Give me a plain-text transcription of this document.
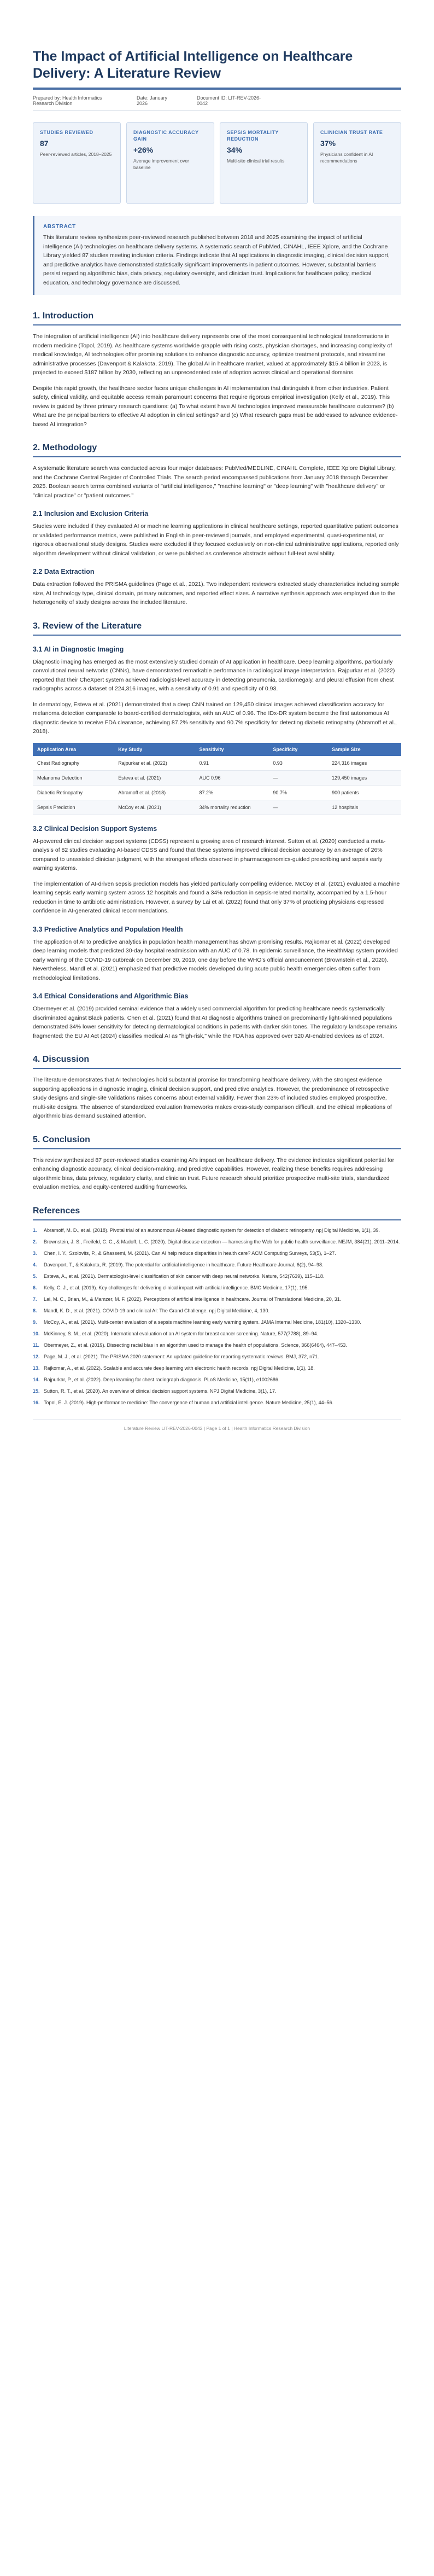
The Impact of Artificial Intelligence on Healthcare Delivery: A Literature Review
Prepared by: Health Informatics Research Division
Date: January 2026
Document ID: LIT-REV-2026-0042
STUDIES REVIEWED
87
Peer-reviewed articles, 2018–2025
DIAGNOSTIC ACCURACY GAIN
+26%
Average improvement over baseline
SEPSIS MORTALITY REDUCTION
34%
Multi-site clinical trial results
CLINICIAN TRUST RATE
37%
Physicians confident in AI recommendations
ABSTRACT

This literature review synthesizes peer-reviewed research published between 2018 and 2025 examining the impact of artificial intelligence (AI) technologies on healthcare delivery systems. A systematic search of PubMed, CINAHL, IEEE Xplore, and the Cochrane Library yielded 87 studies meeting inclusion criteria. Findings indicate that AI applications in diagnostic imaging, clinical decision support, and predictive analytics have demonstrated statistically significant improvements in patient outcomes. However, substantial barriers persist regarding algorithmic bias, data privacy, regulatory oversight, and clinician trust. Implications for healthcare policy, medical education, and technology governance are discussed.

1. Introduction

The integration of artificial intelligence (AI) into healthcare delivery represents one of the most consequential technological transformations in modern medicine (Topol, 2019). As healthcare systems worldwide grapple with rising costs, physician shortages, and increasing complexity of medical knowledge, AI technologies offer promising solutions to enhance diagnostic accuracy, optimize treatment protocols, and streamline administrative processes (Davenport & Kalakota, 2019). The global AI in healthcare market, valued at approximately $15.4 billion in 2023, is projected to exceed $187 billion by 2030, reflecting an unprecedented rate of adoption across clinical and operational domains.

Despite this rapid growth, the healthcare sector faces unique challenges in AI implementation that distinguish it from other industries. Patient safety, clinical validity, and equitable access remain paramount concerns that require rigorous empirical investigation (Kelly et al., 2019). This review is guided by three primary research questions: (a) To what extent have AI technologies improved measurable healthcare outcomes? (b) What are the principal barriers to effective AI adoption in clinical settings? and (c) What research gaps must be addressed to advance evidence-based AI integration?

2. Methodology

A systematic literature search was conducted across four major databases: PubMed/MEDLINE, CINAHL Complete, IEEE Xplore Digital Library, and the Cochrane Central Register of Controlled Trials. The search period encompassed publications from January 2018 through December 2025. Boolean search terms combined variants of "artificial intelligence," "machine learning" or "deep learning" with "healthcare delivery" or "clinical practice" or "patient outcomes."

2.1 Inclusion and Exclusion Criteria

Studies were included if they evaluated AI or machine learning applications in clinical healthcare settings, reported quantitative patient outcomes or validated performance metrics, were published in English in peer-reviewed journals, and employed experimental, quasi-experimental, or rigorous observational study designs. Studies were excluded if they focused exclusively on non-clinical administrative applications, reported only algorithm development without clinical validation, or were published as conference abstracts without full-text availability.

2.2 Data Extraction

Data extraction followed the PRISMA guidelines (Page et al., 2021). Two independent reviewers extracted study characteristics including sample size, AI technology type, clinical domain, primary outcomes, and reported effect sizes. A narrative synthesis approach was employed due to the heterogeneity of study designs across the included literature.

3. Review of the Literature
3.1 AI in Diagnostic Imaging

Diagnostic imaging has emerged as the most extensively studied domain of AI application in healthcare. Deep learning algorithms, particularly convolutional neural networks (CNNs), have demonstrated remarkable performance in radiological image interpretation. Rajpurkar et al. (2022) reported that their CheXpert system achieved radiologist-level accuracy in detecting pneumonia, cardiomegaly, and pleural effusion from chest radiographs across a dataset of 224,316 images, with a sensitivity of 0.91 and specificity of 0.93.

In dermatology, Esteva et al. (2021) demonstrated that a deep CNN trained on 129,450 clinical images achieved classification accuracy for melanoma detection comparable to board-certified dermatologists, with an AUC of 0.96. The IDx-DR system became the first autonomous AI diagnostic device to receive FDA clearance, achieving 87.2% sensitivity and 90.7% specificity for detecting diabetic retinopathy (Abramoff et al., 2018).

Application Area	Key Study	Sensitivity	Specificity	Sample Size
Chest Radiography	Rajpurkar et al. (2022)	0.91	0.93	224,316 images
Melanoma Detection	Esteva et al. (2021)	AUC 0.96	—	129,450 images
Diabetic Retinopathy	Abramoff et al. (2018)	87.2%	90.7%	900 patients
Sepsis Prediction	McCoy et al. (2021)	34% mortality reduction	—	12 hospitals
3.2 Clinical Decision Support Systems

AI-powered clinical decision support systems (CDSS) represent a growing area of research interest. Sutton et al. (2020) conducted a meta-analysis of 82 studies evaluating AI-based CDSS and found that these systems improved clinical decision accuracy by an average of 26% compared to unassisted clinician judgment, with the strongest effects observed in pharmacogenomics-guided prescribing and sepsis early warning systems.

The implementation of AI-driven sepsis prediction models has yielded particularly compelling evidence. McCoy et al. (2021) evaluated a machine learning sepsis early warning system across 12 hospitals and found a 34% reduction in sepsis-related mortality, accompanied by a 1.5-hour reduction in time to antibiotic administration. However, a survey by Lai et al. (2022) found that only 37% of practicing physicians expressed confidence in AI-generated clinical recommendations.

3.3 Predictive Analytics and Population Health

The application of AI to predictive analytics in population health management has shown promising results. Rajkomar et al. (2022) developed deep learning models that predicted 30-day hospital readmission with an AUC of 0.78. In epidemic surveillance, the HealthMap system provided early warning of the COVID-19 outbreak on December 30, 2019, one day before the WHO's official announcement (Brownstein et al., 2020). Nevertheless, Mandl et al. (2021) emphasized that predictive models developed during acute public health emergencies often suffer from methodological limitations.

3.4 Ethical Considerations and Algorithmic Bias

Obermeyer et al. (2019) provided seminal evidence that a widely used commercial algorithm for predicting healthcare needs systematically discriminated against Black patients. Chen et al. (2021) found that AI diagnostic algorithms trained on predominantly light-skinned populations demonstrated 34% lower sensitivity for detecting dermatological conditions in patients with darker skin tones. The regulatory landscape remains fragmented: the EU AI Act (2024) classifies medical AI as "high-risk," while the FDA has approved over 520 AI-enabled devices as of 2024.

4. Discussion

The literature demonstrates that AI technologies hold substantial promise for transforming healthcare delivery, with the strongest evidence supporting applications in diagnostic imaging, clinical decision support, and predictive analytics. However, the predominance of retrospective study designs and single-site validations raises concerns about external validity. Fewer than 23% of included studies employed prospective, multi-site designs. The absence of standardized evaluation frameworks makes cross-study comparison difficult, and the ethical implications of algorithmic bias demand sustained attention.

5. Conclusion

This review synthesized 87 peer-reviewed studies examining AI's impact on healthcare delivery. The evidence indicates significant potential for enhancing diagnostic accuracy, clinical decision-making, and predictive capabilities. However, realizing these benefits requires addressing algorithmic bias, data privacy, regulatory clarity, and clinician trust. Future research should prioritize prospective multi-site trials, standardized evaluation metrics, and equity-centered auditing frameworks.

References
1.	Abramoff, M. D., et al. (2018). Pivotal trial of an autonomous AI-based diagnostic system for detection of diabetic retinopathy. npj Digital Medicine, 1(1), 39.
2.	Brownstein, J. S., Freifeld, C. C., & Madoff, L. C. (2020). Digital disease detection — harnessing the Web for public health surveillance. NEJM, 384(21), 2011–2014.
3.	Chen, I. Y., Szolovits, P., & Ghassemi, M. (2021). Can AI help reduce disparities in health care? ACM Computing Surveys, 53(5), 1–27.
4.	Davenport, T., & Kalakota, R. (2019). The potential for artificial intelligence in healthcare. Future Healthcare Journal, 6(2), 94–98.
5.	Esteva, A., et al. (2021). Dermatologist-level classification of skin cancer with deep neural networks. Nature, 542(7639), 115–118.
6.	Kelly, C. J., et al. (2019). Key challenges for delivering clinical impact with artificial intelligence. BMC Medicine, 17(1), 195.
7.	Lai, M. C., Brian, M., & Mamzer, M. F. (2022). Perceptions of artificial intelligence in healthcare. Journal of Translational Medicine, 20, 31.
8.	Mandl, K. D., et al. (2021). COVID-19 and clinical AI: The Grand Challenge. npj Digital Medicine, 4, 130.
9.	McCoy, A., et al. (2021). Multi-center evaluation of a sepsis machine learning early warning system. JAMA Internal Medicine, 181(10), 1320–1330.
10. McKinney, S. M., et al. (2020). International evaluation of an AI system for breast cancer screening. Nature, 577(7788), 89–94.
11. Obermeyer, Z., et al. (2019). Dissecting racial bias in an algorithm used to manage the health of populations. Science, 366(6464), 447–453.
12. Page, M. J., et al. (2021). The PRISMA 2020 statement: An updated guideline for reporting systematic reviews. BMJ, 372, n71.
13. Rajkomar, A., et al. (2022). Scalable and accurate deep learning with electronic health records. npj Digital Medicine, 1(1), 18.
14. Rajpurkar, P., et al. (2022). Deep learning for chest radiograph diagnosis. PLoS Medicine, 15(11), e1002686.
15. Sutton, R. T., et al. (2020). An overview of clinical decision support systems. NPJ Digital Medicine, 3(1), 17.
16. Topol, E. J. (2019). High-performance medicine: The convergence of human and artificial intelligence. Nature Medicine, 25(1), 44–56.
Literature Review LIT-REV-2026-0042 | Page 1 of 1 | Health Informatics Research Division
